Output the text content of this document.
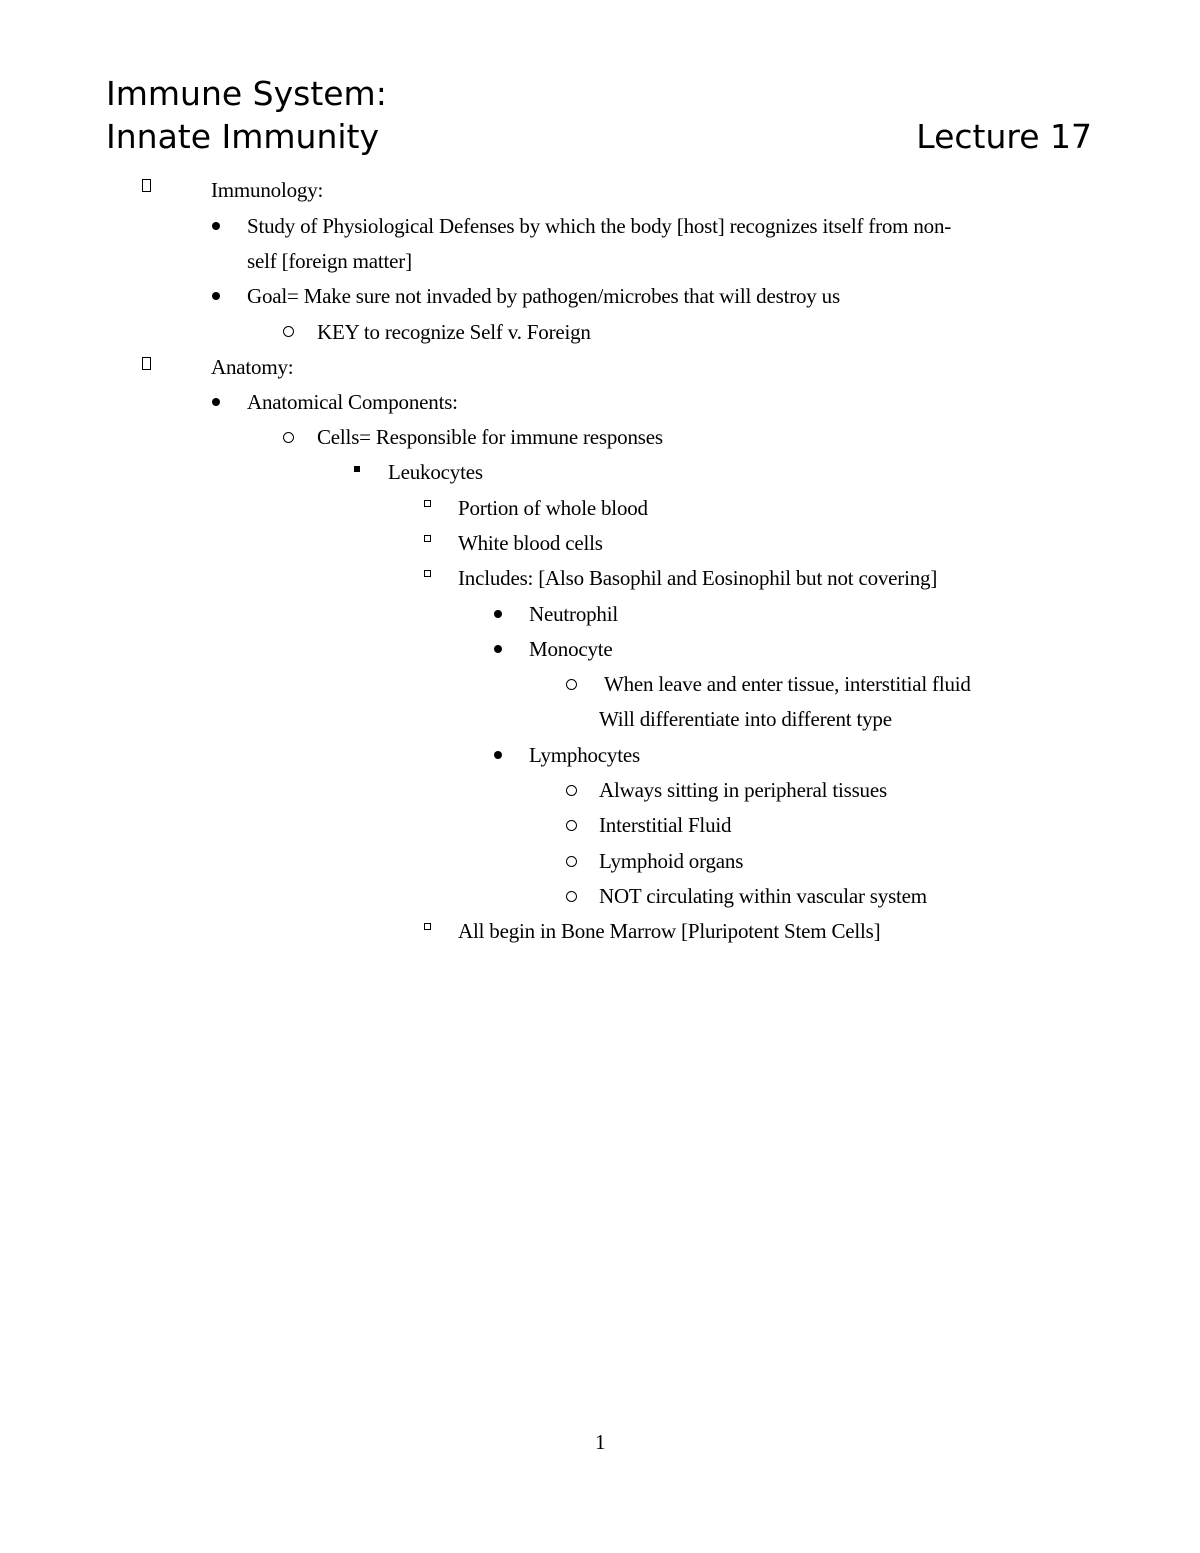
Immune System:
Innate Immunity	Lecture 17
Immunology:
Study of Physiological Defenses by which the body [host] recognizes itself from non-
self [foreign matter]
Goal= Make sure not invaded by pathogen/microbes that will destroy us
KEY to recognize Self v. Foreign
Anatomy:
Anatomical Components:
Cells= Responsible for immune responses
Leukocytes
Portion of whole blood
White blood cells
Includes: [Also Basophil and Eosinophil but not covering]
Neutrophil
Monocyte
When leave and enter tissue, interstitial fluid
Will differentiate into different type
Lymphocytes
Always sitting in peripheral tissues
Interstitial Fluid
Lymphoid organs
NOT circulating within vascular system
All begin in Bone Marrow [Pluripotent Stem Cells]
1
